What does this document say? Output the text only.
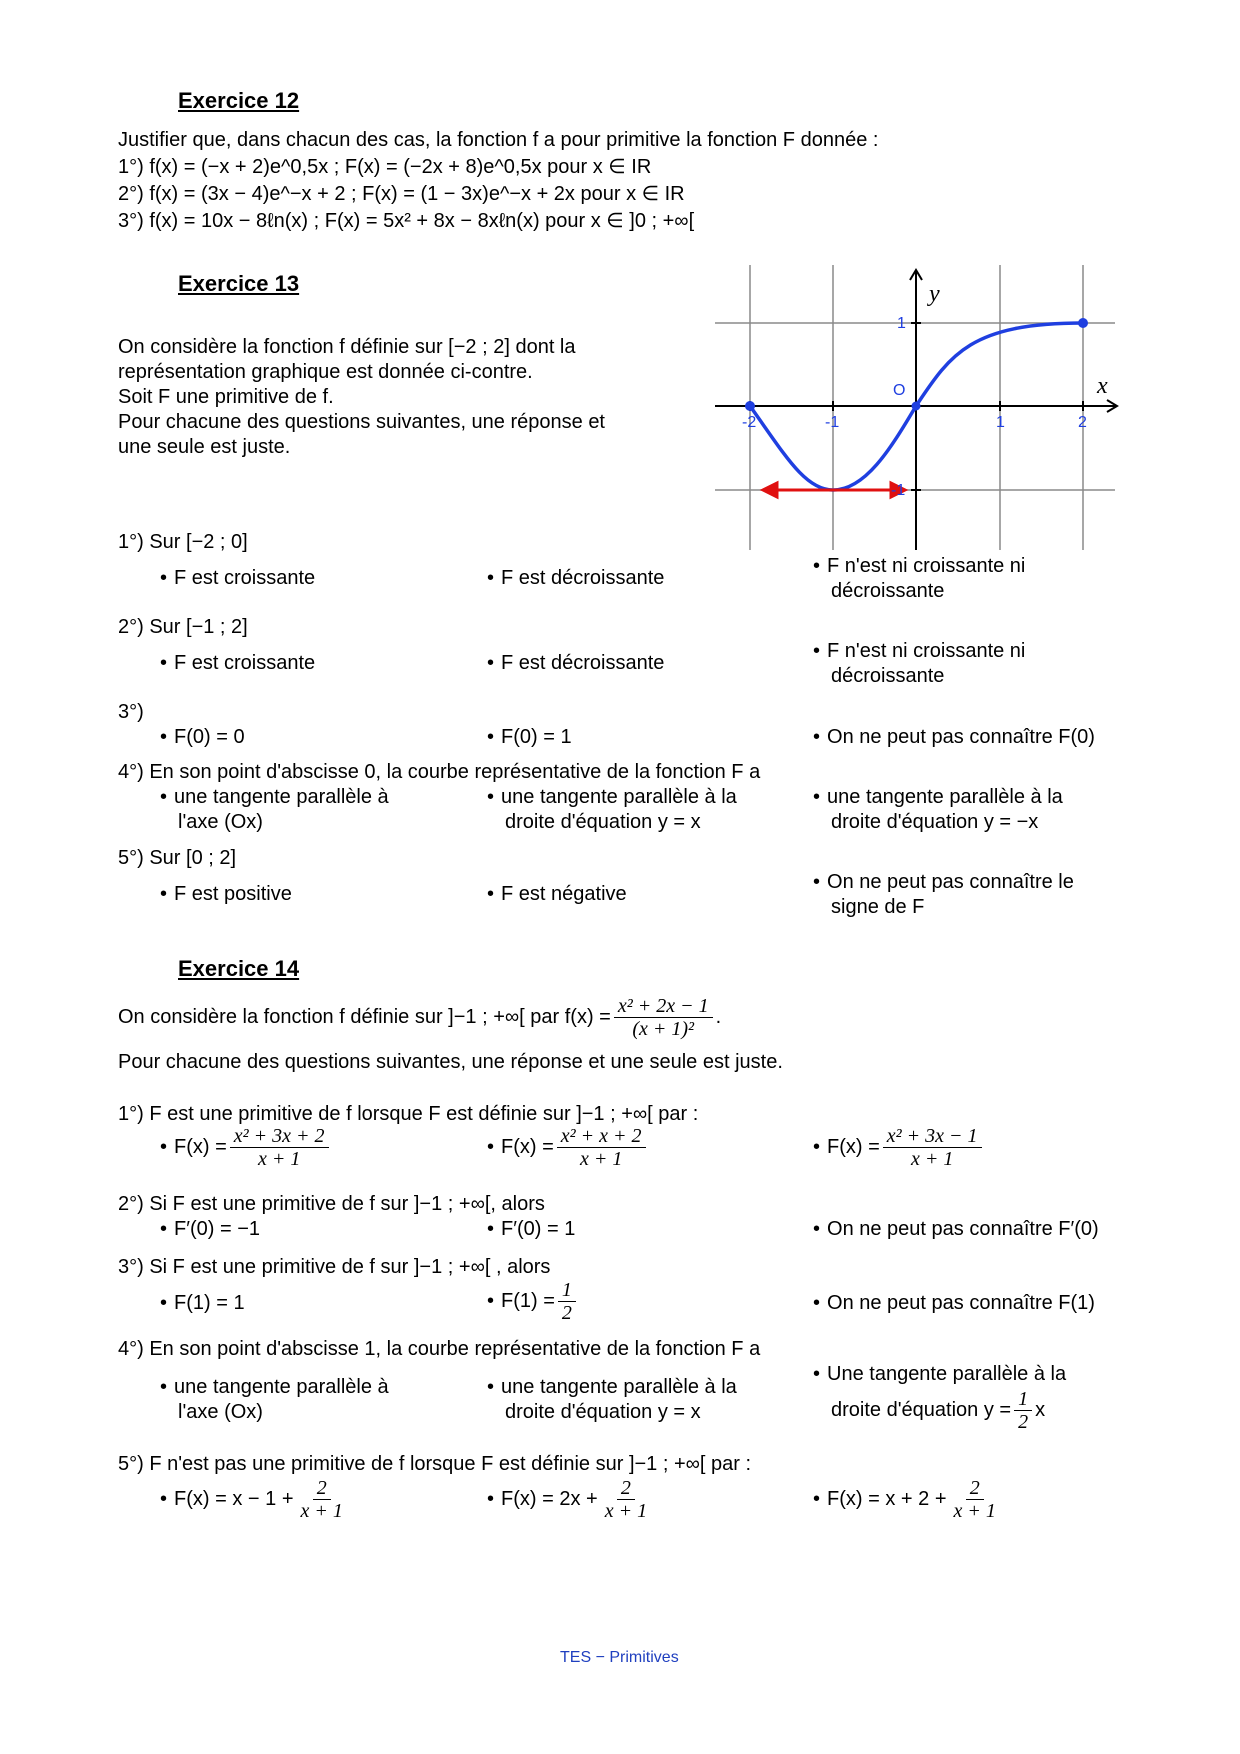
Exercice 12
Justifier que, dans chacun des cas, la fonction f a pour primitive la fonction F donnée :
1°) f(x) = (−x + 2)e^0,5x ; F(x) = (−2x + 8)e^0,5x pour x ∈ IR
2°) f(x) = (3x − 4)e^−x + 2 ; F(x) = (1 − 3x)e^−x + 2x pour x ∈ IR
3°) f(x) = 10x − 8ℓn(x) ; F(x) = 5x² + 8x − 8xℓn(x) pour x ∈ ]0 ; +∞[
Exercice 13
On considère la fonction f définie sur [−2 ; 2] dont la
représentation graphique est donnée ci-contre.
Soit F une primitive de f.
Pour chacune des questions suivantes, une réponse et
une seule est juste.
-2	-1	1	2
1
-1
O
y
x
1°) Sur [−2 ; 0]
• F est croissante	• F est décroissante
• F n'est ni croissante ni
décroissante
2°) Sur [−1 ; 2]
• F est croissante	• F est décroissante
• F n'est ni croissante ni
décroissante
3°)
• F(0) = 0	• F(0) = 1	• On ne peut pas connaître F(0)
4°) En son point d'abscisse 0, la courbe représentative de la fonction F a
• une tangente parallèle à
l'axe (Ox)
• une tangente parallèle à la
droite d'équation y = x
• une tangente parallèle à la
droite d'équation y = −x
5°) Sur [0 ; 2]
• F est positive	• F est négative
• On ne peut pas connaître le
signe de F
Exercice 14
On considère la fonction f définie sur ]−1 ; +∞[ par $f(x) = \frac{\text{x² + 2x − 1}}{\text{(x + 1)²}}$ .
Pour chacune des questions suivantes, une réponse et une seule est juste.
1°) F est une primitive de f lorsque F est définie sur ]−1 ; +∞[ par :
• $F(x) = \frac{\text{x² + 3x + 2}}{x + 1}$	• $F(x) = \frac{\text{x² + x + 2}}{x + 1}$	• $F(x) = \frac{\text{x² + 3x − 1}}{x + 1}$
2°) Si F est une primitive de f sur ]−1 ; +∞[, alors
• F′(0) = −1	• F′(0) = 1	• On ne peut pas connaître F′(0)
3°) Si F est une primitive de f sur ]−1 ; +∞[ , alors
• F(1) = 1	• $F(1) = \frac{1}{2}$	• On ne peut pas connaître F(1)
4°) En son point d'abscisse 1, la courbe représentative de la fonction F a
• une tangente parallèle à
l'axe (Ox)
• une tangente parallèle à la
droite d'équation y = x
• Une tangente parallèle à la
droite d'équation $y = \frac{1}{2}$ x
5°) F n'est pas une primitive de f lorsque F est définie sur ]−1 ; +∞[ par :
• $F(x) = x - 1 + \frac{2}{x + 1}$	• $F(x) = 2x + \frac{2}{x + 1}$	• $F(x) = x + 2 + \frac{2}{x + 1}$
TES − Primitives
